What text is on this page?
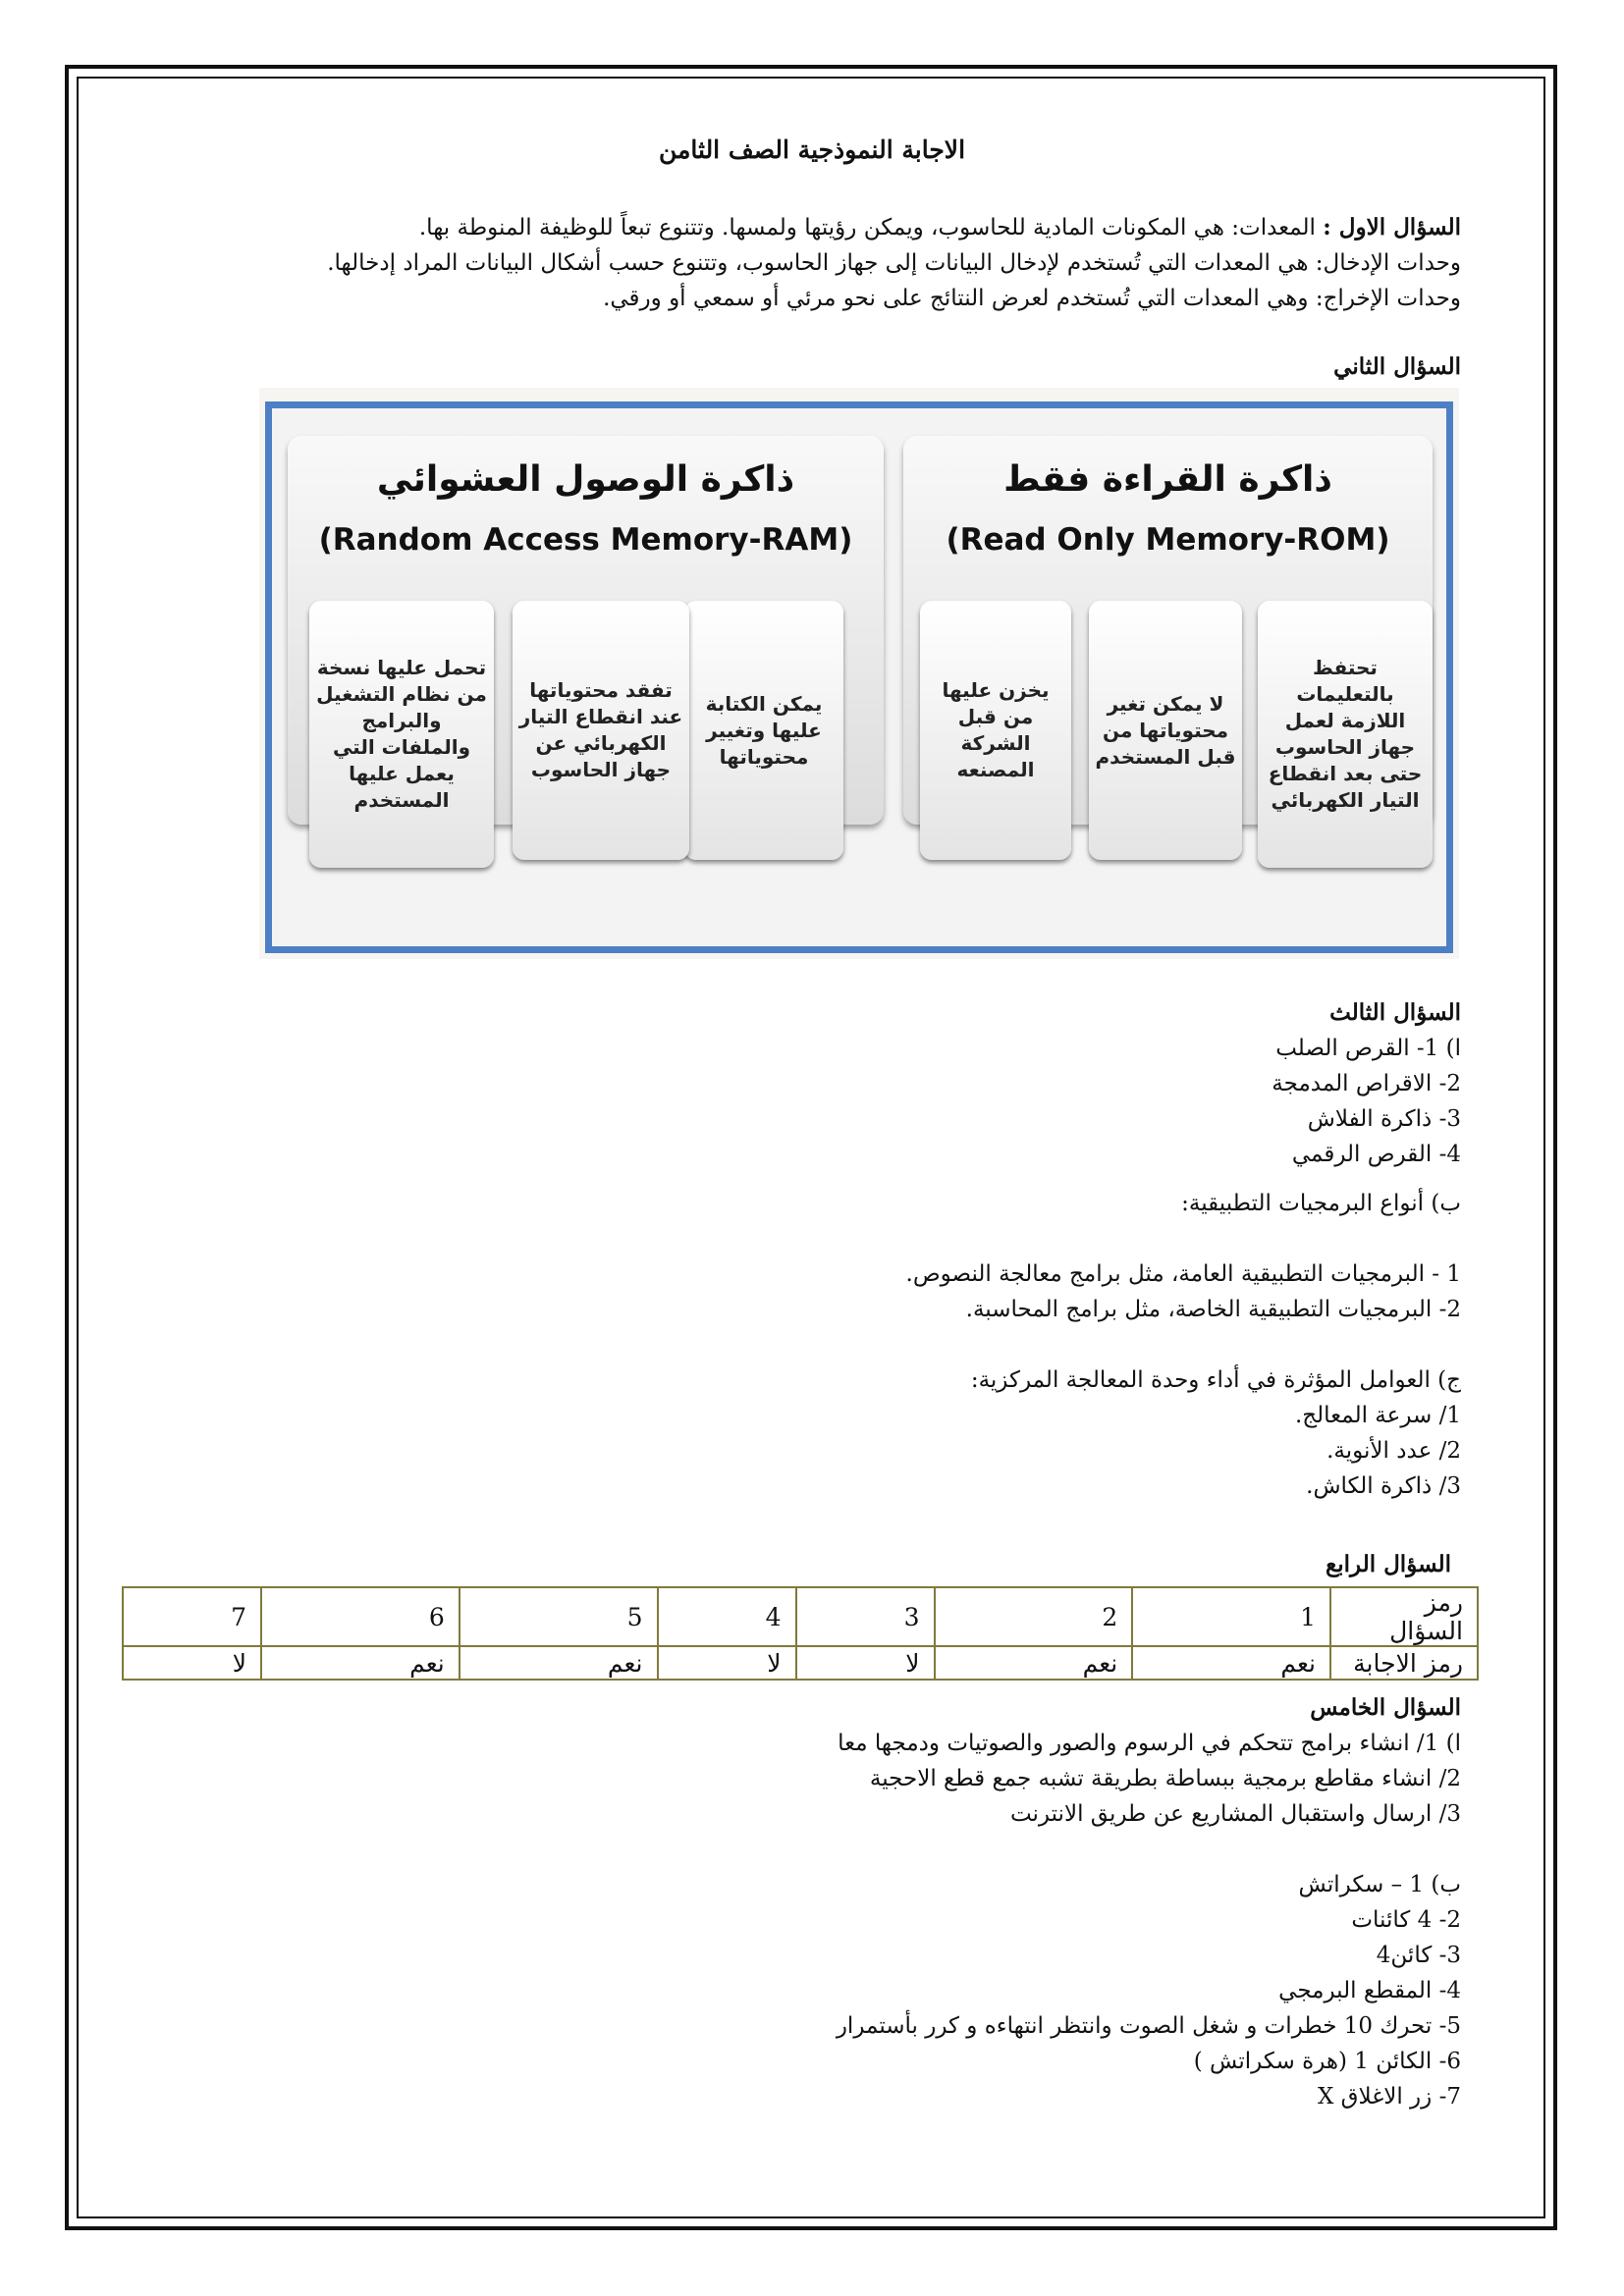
الاجابة النموذجية الصف الثامن
السؤال الاول : المعدات: هي المكونات المادية للحاسوب، ويمكن رؤيتها ولمسها. وتتنوع تبعاً للوظيفة المنوطة بها.
وحدات الإدخال: هي المعدات التي تُستخدم لإدخال البيانات إلى جهاز الحاسوب، وتتنوع حسب أشكال البيانات المراد إدخالها.
وحدات الإخراج: وهي المعدات التي تُستخدم لعرض النتائج على نحو مرئي أو سمعي أو ورقي.
السؤال الثاني
ذاكرة الوصول العشوائي
(Random Access Memory-RAM)
ذاكرة القراءة فقط
(Read Only Memory-ROM)
يمكن الكتابة عليها وتغيير محتوياتها
تفقد محتوياتها عند انقطاع التيار الكهربائي عن جهاز الحاسوب
تحمل عليها نسخة من نظام التشغيل والبرامج والملفات التي يعمل عليها المستخدم
تحتفظ بالتعليمات اللازمة لعمل جهاز الحاسوب حتى بعد انقطاع التيار الكهربائي
لا يمكن تغير محتوياتها من قبل المستخدم
يخزن عليها من قبل الشركة المصنعه
السؤال الثالث
ا) 1- القرص الصلب
2- الاقراص المدمجة
3- ذاكرة الفلاش
4- القرص الرقمي
ب) أنواع البرمجيات التطبيقية:
1 - البرمجيات التطبيقية العامة، مثل برامج معالجة النصوص.
2- البرمجيات التطبيقية الخاصة، مثل برامج المحاسبة.
ج) العوامل المؤثرة في أداء وحدة المعالجة المركزية:
1/ سرعة المعالج.
2/ عدد الأنوية.
3/ ذاكرة الكاش.
السؤال الرابع
رمز السؤال	1	2	3	4	5	6	7
رمز الاجابة	نعم	نعم	لا	لا	نعم	نعم	لا
السؤال الخامس
ا) 1/ انشاء برامج تتحكم في الرسوم والصور والصوتيات ودمجها معا
2/ انشاء مقاطع برمجية ببساطة بطريقة تشبه جمع قطع الاحجية
3/ ارسال واستقبال المشاريع عن طريق الانترنت
ب) 1 – سكراتش
2- 4 كائنات
3- كائن4
4- المقطع البرمجي
5- تحرك 10 خطرات و شغل الصوت وانتظر انتهاءه و كرر بأستمرار
6- الكائن 1 (هرة سكراتش )
7- زر الاغلاق X
